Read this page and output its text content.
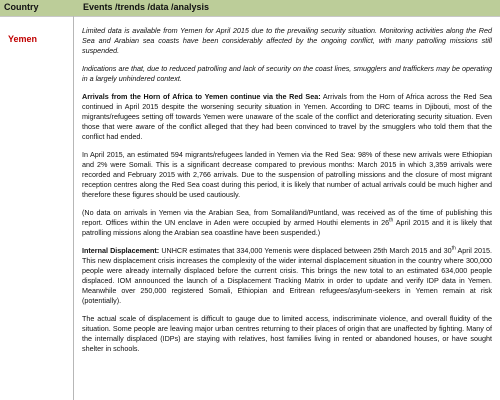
Country	Events /trends /data /analysis
Yemen

Limited data is available from Yemen for April 2015 due to the prevailing security situation. Monitoring activities along the Red Sea and Arabian sea coasts have been considerably affected by the ongoing conflict, with many patrolling missions still suspended.

Indications are that, due to reduced patrolling and lack of security on the coast lines, smugglers and traffickers may be operating in a largely unhindered context.

Arrivals from the Horn of Africa to Yemen continue via the Red Sea: Arrivals from the Horn of Africa across the Red Sea continued in April 2015 despite the worsening security situation in Yemen. According to DRC teams in Djibouti, most of the migrants/refugees setting off towards Yemen were unaware of the scale of the conflict and deteriorating security situation. Even those that were aware of the conflict alleged that they had been convinced to travel by the smugglers who told them that the conflict had ended.

In April 2015, an estimated 594 migrants/refugees landed in Yemen via the Red Sea: 98% of these new arrivals were Ethiopian and 2% were Somali. This is a significant decrease compared to previous months: March 2015 in which 3,359 arrivals were recorded and February 2015 with 2,766 arrivals. Due to the suspension of patrolling missions and the closure of most migrant reception centres along the Red Sea coast during this period, it is likely that number of actual arrivals could be much higher and therefore these figures should be used cautiously.

(No data on arrivals in Yemen via the Arabian Sea, from Somaliland/Puntland, was received as of the time of publishing this report. Offices within the UN enclave in Aden were occupied by armed Houthi elements in 26th April 2015 and it is likely that patrolling missions along the Arabian sea coastline have been suspended.)

Internal Displacement: UNHCR estimates that 334,000 Yemenis were displaced between 25th March 2015 and 30th April 2015. This new displacement crisis increases the complexity of the wider internal displacement situation in the country where 300,000 people were already internally displaced before the current crisis. This brings the new total to an estimated 634,000 people displaced. IOM announced the launch of a Displacement Tracking Matrix in order to update and verify IDP data in Yemen. Meanwhile over 250,000 registered Somali, Ethiopian and Eritrean refugees/asylum-seekers in Yemen remain at risk (potentially).

The actual scale of displacement is difficult to gauge due to limited access, indiscriminate violence, and overall fluidity of the situation. Some people are leaving major urban centres returning to their places of origin that are unaffected by fighting. Many of the internally displaced (IDPs) are staying with relatives, host families living in rented or abandoned houses, or have sought shelter in schools.
